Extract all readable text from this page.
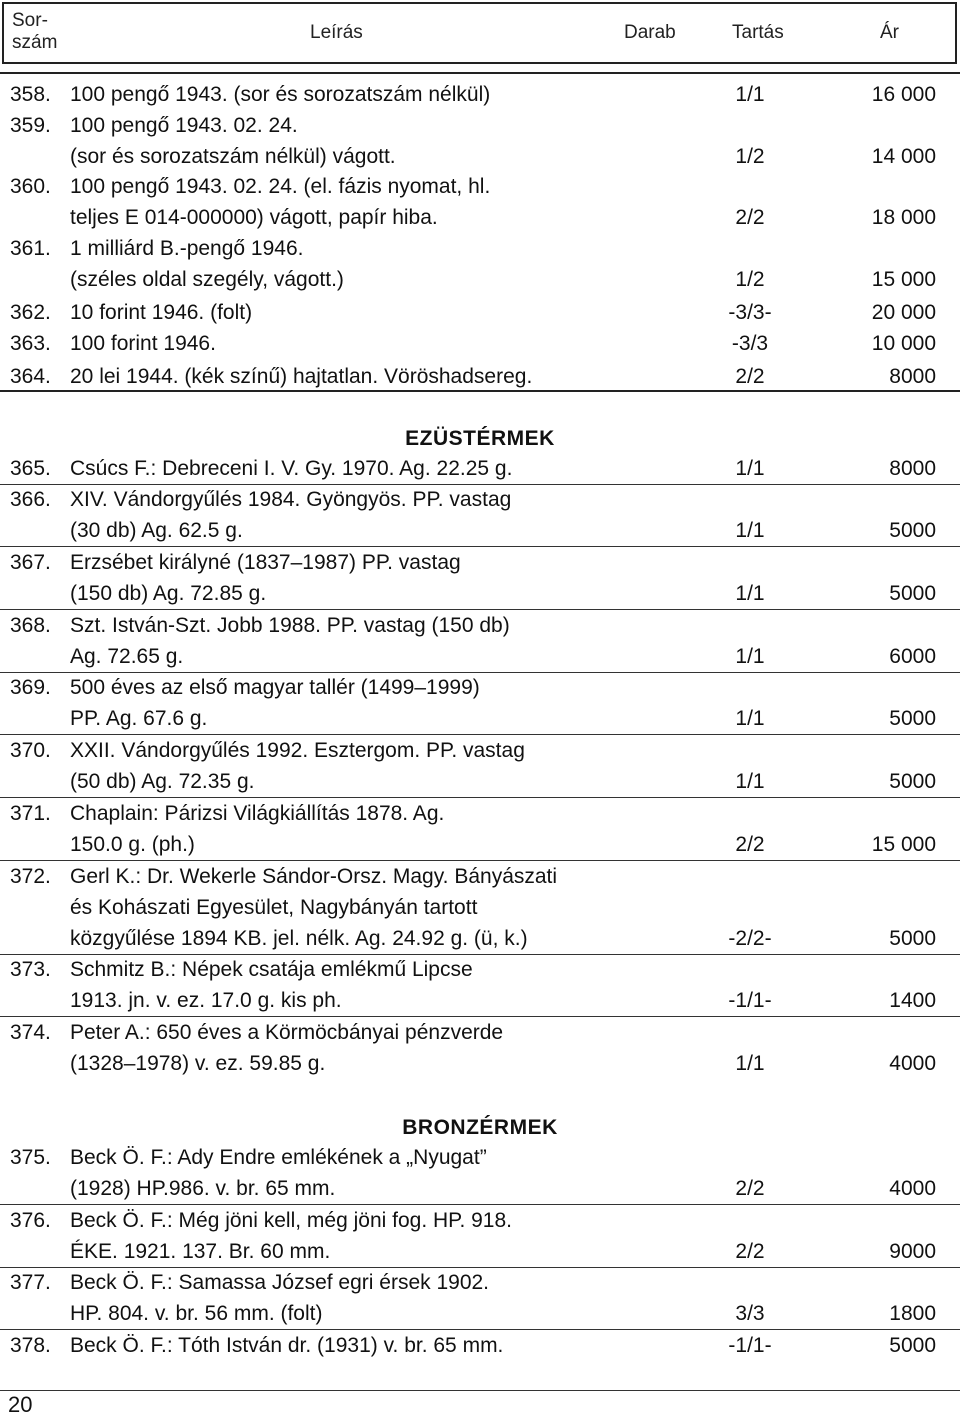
Sor-
szám	Leírás	Darab	Tartás	Ár
358. 100 pengő 1943. (sor és sorozatszám nélkül)	1/1	16 000
359. 100 pengő 1943. 02. 24.
(sor és sorozatszám nélkül) vágott.	1/2	14 000
360. 100 pengő 1943. 02. 24. (el. fázis nyomat, hl.
teljes E 014-000000) vágott, papír hiba.	2/2	18 000
361. 1 milliárd B.-pengő 1946.
(széles oldal szegély, vágott.)	1/2	15 000
362. 10 forint 1946. (folt)	-3/3-	20 000
363. 100 forint 1946.	-3/3	10 000
364. 20 lei 1944. (kék színű) hajtatlan. Vöröshadsereg.	2/2	8000
365. Csúcs F.: Debreceni I. V. Gy. 1970. Ag. 22.25 g.	1/1	8000
366. XIV. Vándorgyűlés 1984. Gyöngyös. PP. vastag
(30 db) Ag. 62.5 g.	1/1	5000
367. Erzsébet királyné (1837–1987) PP. vastag
(150 db) Ag. 72.85 g.	1/1	5000
368. Szt. István-Szt. Jobb 1988. PP. vastag (150 db)
Ag. 72.65 g.	1/1	6000
369. 500 éves az első magyar tallér (1499–1999)
PP. Ag. 67.6 g.	1/1	5000
370. XXII. Vándorgyűlés 1992. Esztergom. PP. vastag
(50 db) Ag. 72.35 g.	1/1	5000
371. Chaplain: Párizsi Világkiállítás 1878. Ag.
150.0 g. (ph.)	2/2	15 000
372. Gerl K.: Dr. Wekerle Sándor-Orsz. Magy. Bányászati
és Kohászati Egyesület, Nagybányán tartott
közgyűlése 1894 KB. jel. nélk. Ag. 24.92 g. (ü, k.)	-2/2-	5000
373. Schmitz B.: Népek csatája emlékmű Lipcse
1913. jn. v. ez. 17.0 g. kis ph.	-1/1-	1400
374. Peter A.: 650 éves a Körmöcbányai pénzverde
(1328–1978) v. ez. 59.85 g.	1/1	4000
375. Beck Ö. F.: Ady Endre emlékének a „Nyugat”
(1928) HP.986. v. br. 65 mm.	2/2	4000
376. Beck Ö. F.: Még jöni kell, még jöni fog. HP. 918.
ÉKE. 1921. 137. Br. 60 mm.	2/2	9000
377. Beck Ö. F.: Samassa József egri érsek 1902.
HP. 804. v. br. 56 mm. (folt)	3/3	1800
378. Beck Ö. F.: Tóth István dr. (1931) v. br. 65 mm.	-1/1-	5000
EZÜSTÉRMEK
BRONZÉRMEK
20
